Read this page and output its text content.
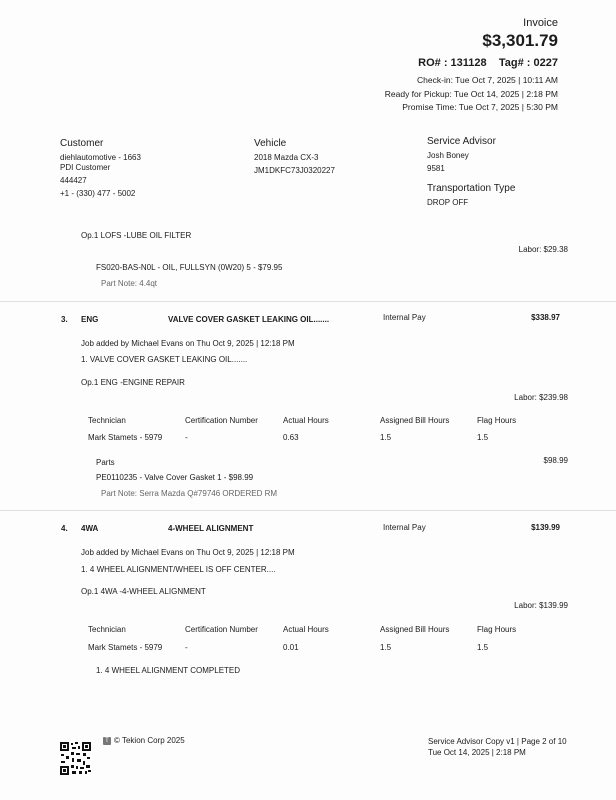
Invoice
$3,301.79
RO# : 131128 Tag# : 0227
Check-in: Tue Oct 7, 2025 | 10:11 AM
Ready for Pickup: Tue Oct 14, 2025 | 2:18 PM
Promise Time: Tue Oct 7, 2025 | 5:30 PM
Customer
diehlautomotive - 1663
PDI Customer
444427
+1 - (330) 477 - 5002
Vehicle
2018 Mazda CX-3
JM1DKFC73J0320227
Service Advisor
Josh Boney
9581
Transportation Type
DROP OFF
Op.1 LOFS -LUBE OIL FILTER
Labor: $29.38
FS020-BAS-N0L - OIL, FULLSYN (0W20) 5 - $79.95
Part Note: 4.4qt
3. ENG	VALVE COVER GASKET LEAKING OIL.......	Internal Pay	$338.97
Job added by Michael Evans on Thu Oct 9, 2025 | 12:18 PM
1. VALVE COVER GASKET LEAKING OIL.......
Op.1 ENG -ENGINE REPAIR
Labor: $239.98
Technician	Certification Number	Actual Hours	Assigned Bill Hours	Flag Hours
Mark Stamets - 5979	-	0.63	1.5	1.5
Parts	$98.99
PE0110235 - Valve Cover Gasket 1 - $98.99
Part Note: Serra Mazda Q#79746 ORDERED RM
4. 4WA	4-WHEEL ALIGNMENT	Internal Pay	$139.99
Job added by Michael Evans on Thu Oct 9, 2025 | 12:18 PM
1. 4 WHEEL ALIGNMENT/WHEEL IS OFF CENTER....
Op.1 4WA -4-WHEEL ALIGNMENT
Labor: $139.99
Technician	Certification Number	Actual Hours	Assigned Bill Hours	Flag Hours
Mark Stamets - 5979	-	0.01	1.5	1.5
1. 4 WHEEL ALIGNMENT COMPLETED
T © Tekion Corp 2025	Service Advisor Copy v1 | Page 2 of 10
Tue Oct 14, 2025 | 2:18 PM
